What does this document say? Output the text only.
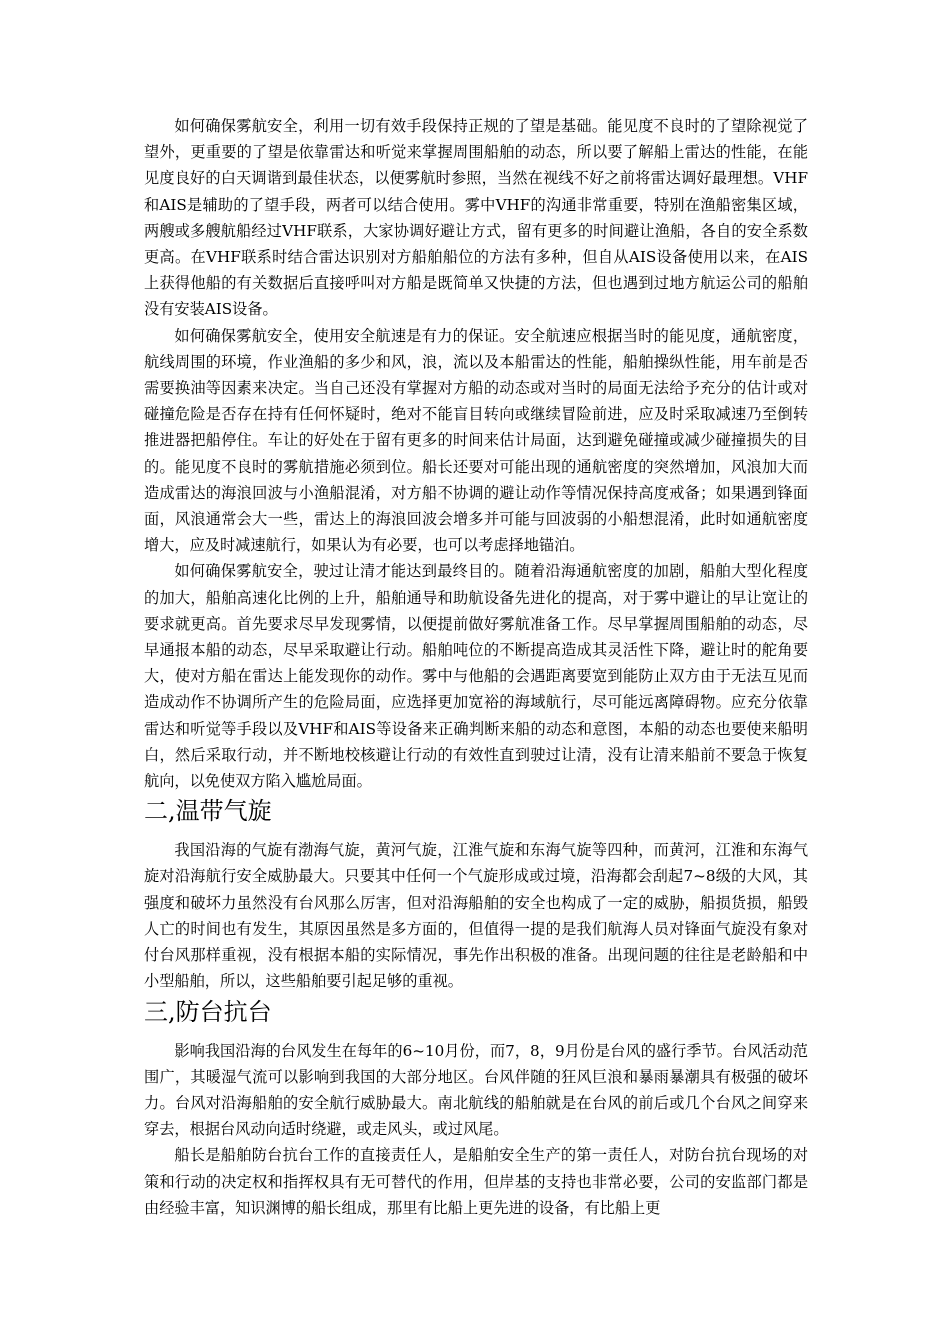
如何确保雾航安全，利用一切有效手段保持正规的了望是基础。能见度不良时的了望除视觉了望外，更重要的了望是依靠雷达和听觉来掌握周围船舶的动态，所以要了解船上雷达的性能，在能见度良好的白天调谐到最佳状态，以便雾航时参照，当然在视线不好之前将雷达调好最理想。VHF和AIS是辅助的了望手段，两者可以结合使用。雾中VHF的沟通非常重要，特别在渔船密集区域，两艘或多艘航船经过VHF联系，大家协调好避让方式，留有更多的时间避让渔船，各自的安全系数更高。在VHF联系时结合雷达识别对方船舶船位的方法有多种，但自从AIS设备使用以来，在AIS上获得他船的有关数据后直接呼叫对方船是既简单又快捷的方法，但也遇到过地方航运公司的船舶没有安装AIS设备。

如何确保雾航安全，使用安全航速是有力的保证。安全航速应根据当时的能见度，通航密度，航线周围的环境，作业渔船的多少和风，浪，流以及本船雷达的性能，船舶操纵性能，用车前是否需要换油等因素来决定。当自己还没有掌握对方船的动态或对当时的局面无法给予充分的估计或对碰撞危险是否存在持有任何怀疑时，绝对不能盲目转向或继续冒险前进，应及时采取减速乃至倒转推进器把船停住。车让的好处在于留有更多的时间来估计局面，达到避免碰撞或减少碰撞损失的目的。能见度不良时的雾航措施必须到位。船长还要对可能出现的通航密度的突然增加，风浪加大而造成雷达的海浪回波与小渔船混淆，对方船不协调的避让动作等情况保持高度戒备；如果遇到锋面面，风浪通常会大一些，雷达上的海浪回波会增多并可能与回波弱的小船想混淆，此时如通航密度增大，应及时减速航行，如果认为有必要，也可以考虑择地锚泊。

如何确保雾航安全，驶过让清才能达到最终目的。随着沿海通航密度的加剧，船舶大型化程度的加大，船舶高速化比例的上升，船舶通导和助航设备先进化的提高，对于雾中避让的早让宽让的要求就更高。首先要求尽早发现雾情，以便提前做好雾航准备工作。尽早掌握周围船舶的动态，尽早通报本船的动态，尽早采取避让行动。船舶吨位的不断提高造成其灵活性下降，避让时的舵角要大，使对方船在雷达上能发现你的动作。雾中与他船的会遇距离要宽到能防止双方由于无法互见而造成动作不协调所产生的危险局面，应选择更加宽裕的海域航行，尽可能远离障碍物。应充分依靠雷达和听觉等手段以及VHF和AIS等设备来正确判断来船的动态和意图，本船的动态也要使来船明白，然后采取行动，并不断地校核避让行动的有效性直到驶过让清，没有让清来船前不要急于恢复航向，以免使双方陷入尴尬局面。

二,温带气旋

我国沿海的气旋有渤海气旋，黄河气旋，江淮气旋和东海气旋等四种，而黄河，江淮和东海气旋对沿海航行安全威胁最大。只要其中任何一个气旋形成或过境，沿海都会刮起7~8级的大风，其强度和破坏力虽然没有台风那么厉害，但对沿海船舶的安全也构成了一定的威胁，船损货损，船毁人亡的时间也有发生，其原因虽然是多方面的，但值得一提的是我们航海人员对锋面气旋没有象对付台风那样重视，没有根据本船的实际情况，事先作出积极的准备。出现问题的往往是老龄船和中小型船舶，所以，这些船舶要引起足够的重视。

三,防台抗台

影响我国沿海的台风发生在每年的6~10月份，而7，8，9月份是台风的盛行季节。台风活动范围广，其暖湿气流可以影响到我国的大部分地区。台风伴随的狂风巨浪和暴雨暴潮具有极强的破坏力。台风对沿海船舶的安全航行威胁最大。南北航线的船舶就是在台风的前后或几个台风之间穿来穿去，根据台风动向适时绕避，或走风头，或过风尾。

船长是船舶防台抗台工作的直接责任人，是船舶安全生产的第一责任人，对防台抗台现场的对策和行动的决定权和指挥权具有无可替代的作用，但岸基的支持也非常必要，公司的安监部门都是由经验丰富，知识渊博的船长组成，那里有比船上更先进的设备，有比船上更
